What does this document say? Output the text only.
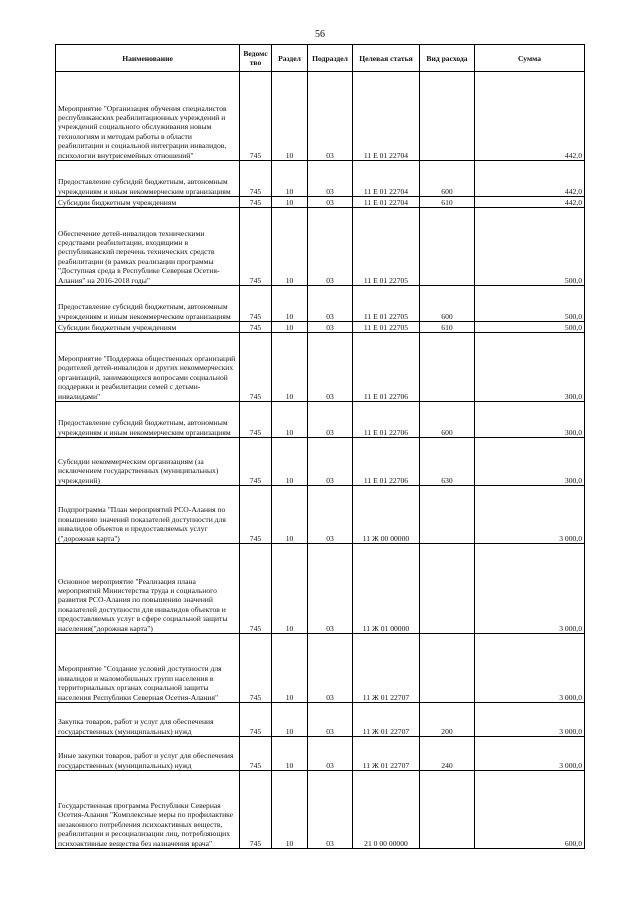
56
Наименование	Ведомс тво	Раздел	Подраздел	Целевая статья	Вид расхода	Сумма
Мероприятие "Организация обучения специалистов республиканских реабилитационных учреждений и учреждений социального обслуживания новым технологиям и методам работы в области реабилитации и социальной интеграции инвалидов, психологии внутрисемейных отношений"	745	10	03	11 Е 01 22704		442,0
Предоставление субсидий бюджетным, автономным учреждениям и иным некоммерческим организациям	745	10	03	11 Е 01 22704	600	442,0
Субсидии бюджетным учреждениям	745	10	03	11 Е 01 22704	610	442,0
Обеспечение детей-инвалидов техническими средствами реабилитации, входящими в республиканский перечень технических средств реабилитации (в рамках реализации программы "Доступная среда в Республике Северная Осетия-Алания" на 2016-2018 годы"	745	10	03	11 Е 01 22705		500,0
Предоставление субсидий бюджетным, автономным учреждениям и иным некоммерческим организациям	745	10	03	11 Е 01 22705	600	500,0
Субсидии бюджетным учреждениям	745	10	03	11 Е 01 22705	610	500,0
Мероприятие "Поддержка общественных организаций родителей детей-инвалидов и других некоммерческих организаций, занимающихся вопросами социальной поддержки и реабилитации семей с детьми-инвалидами"	745	10	03	11 Е 01 22706		300,0
Предоставление субсидий бюджетным, автономным учреждениям и иным некоммерческим организациям	745	10	03	11 Е 01 22706	600	300,0
Субсидии некоммерческим организациям (за исключением государственных (муниципальных) учреждений)	745	10	03	11 Е 01 22706	630	300,0
Подпрограмма "План мероприятий РСО-Алания по повышению значений показателей доступности для инвалидов объектов и предоставляемых услуг ("дорожная карта")	745	10	03	11 Ж 00 00000		3 000,0
Основное мероприятие "Реализация плана мероприятий Министерства труда и социального развития РСО-Алания по повышению значений показателей доступности для инвалидов объектов и предоставляемых услуг в сфере социальной защиты населения("дорожная карта")	745	10	03	11 Ж 01 00000		3 000,0
Мероприятие "Создание условий доступности для инвалидов и маломобильных групп населения в территориальных органах социальной защиты населения Республики Северная Осетия-Алания"	745	10	03	11 Ж 01 22707		3 000,0
Закупка товаров, работ и услуг для обеспечения государственных (муниципальных) нужд	745	10	03	11 Ж 01 22707	200	3 000,0
Иные закупки товаров, работ и услуг для обеспечения государственных (муниципальных) нужд	745	10	03	11 Ж 01 22707	240	3 000,0
Государственная программа Республики Северная Осетия-Алания "Комплексные меры по профилактике незаконного потребления психоактивных веществ, реабилитации и ресоциализации лиц, потребляющих психоактивные вещества без назначения врача"	745	10	03	21 0 00 00000		600,0
